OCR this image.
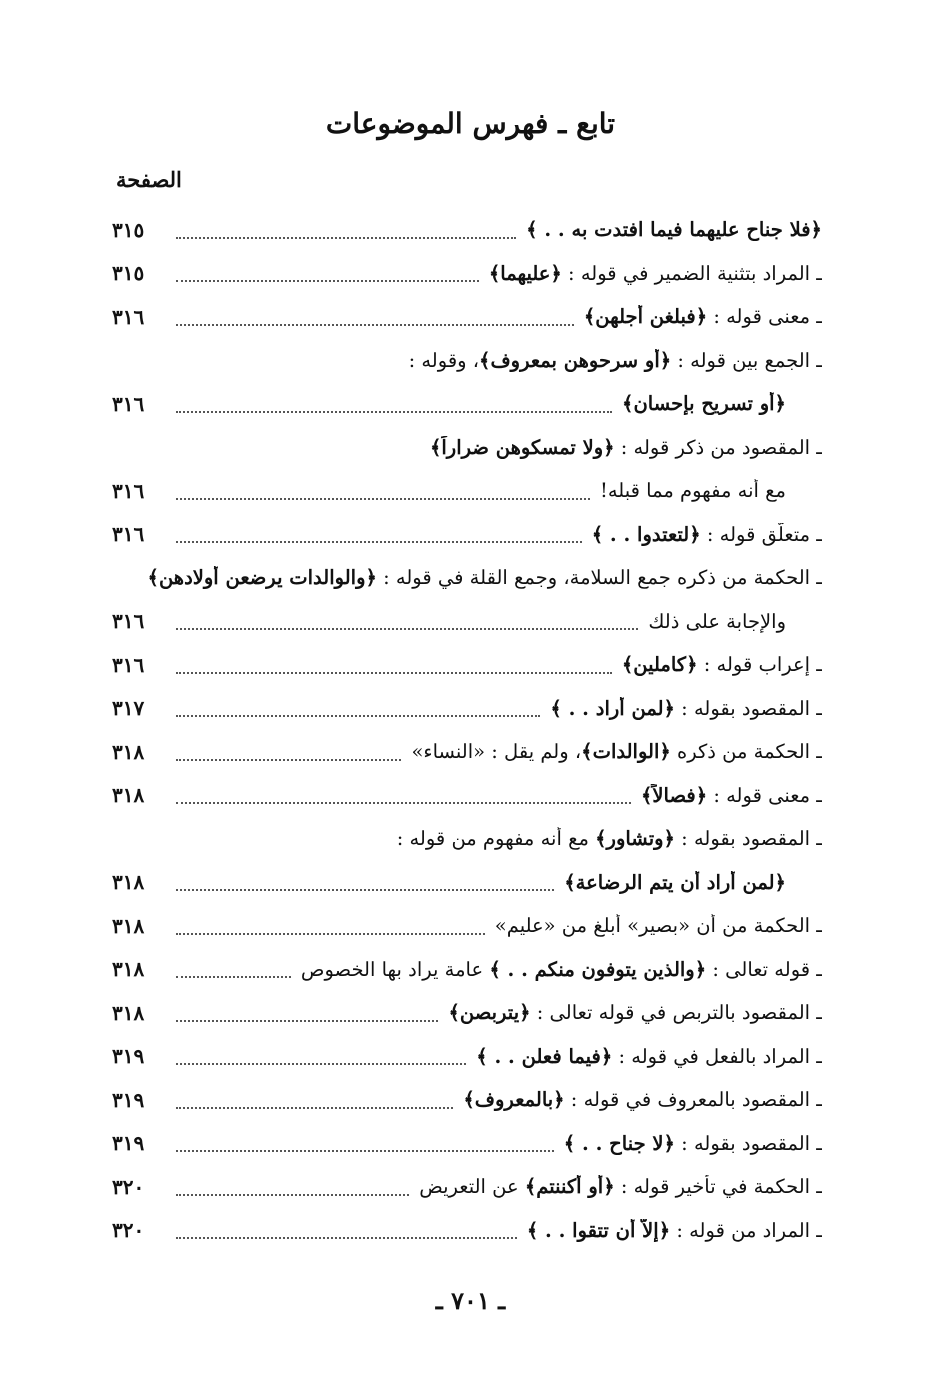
تابع ـ فهرس الموضوعات
الصفحة
﴿فلا جناح عليهما فيما افتدت به . . ﴾
٣١٥
ـ المراد بتثنية الضمير في قوله : ﴿عليهما﴾
٣١٥
ـ معنى قوله : ﴿فبلغن أجلهن﴾
٣١٦
ـ الجمع بين قوله : ﴿أو سرحوهن بمعروف﴾، وقوله :
﴿أو تسريح بإحسان﴾
٣١٦
ـ المقصود من ذكر قوله : ﴿ولا تمسكوهن ضراراً﴾
مع أنه مفهوم مما قبله!
٣١٦
ـ متعلَّق قوله : ﴿لتعتدوا . . ﴾
٣١٦
ـ الحكمة من ذكره جمع السلامة، وجمع القلة في قوله : ﴿والوالدات يرضعن أولادهن﴾
والإجابة على ذلك
٣١٦
ـ إعراب قوله : ﴿كاملين﴾
٣١٦
ـ المقصود بقوله : ﴿لمن أراد . . ﴾
٣١٧
ـ الحكمة من ذكره ﴿الوالدات﴾، ولم يقل : «النساء»
٣١٨
ـ معنى قوله : ﴿فصالاً﴾
٣١٨
ـ المقصود بقوله : ﴿وتشاور﴾ مع أنه مفهوم من قوله :
﴿لمن أراد أن يتم الرضاعة﴾
٣١٨
ـ الحكمة من أن «بصير» أبلغ من «عليم»
٣١٨
ـ قوله تعالى : ﴿والذين يتوفون منكم . . ﴾ عامة يراد بها الخصوص
٣١٨
ـ المقصود بالتربص في قوله تعالى : ﴿يتربصن﴾
٣١٨
ـ المراد بالفعل في قوله : ﴿فيما فعلن . . ﴾
٣١٩
ـ المقصود بالمعروف في قوله : ﴿بالمعروف﴾
٣١٩
ـ المقصود بقوله : ﴿لا جناح . . ﴾
٣١٩
ـ الحكمة في تأخير قوله : ﴿أو أكننتم﴾ عن التعريض
٣٢٠
ـ المراد من قوله : ﴿إلاّ أن تتقوا . . ﴾
٣٢٠
ـ ٧٠١ ـ
